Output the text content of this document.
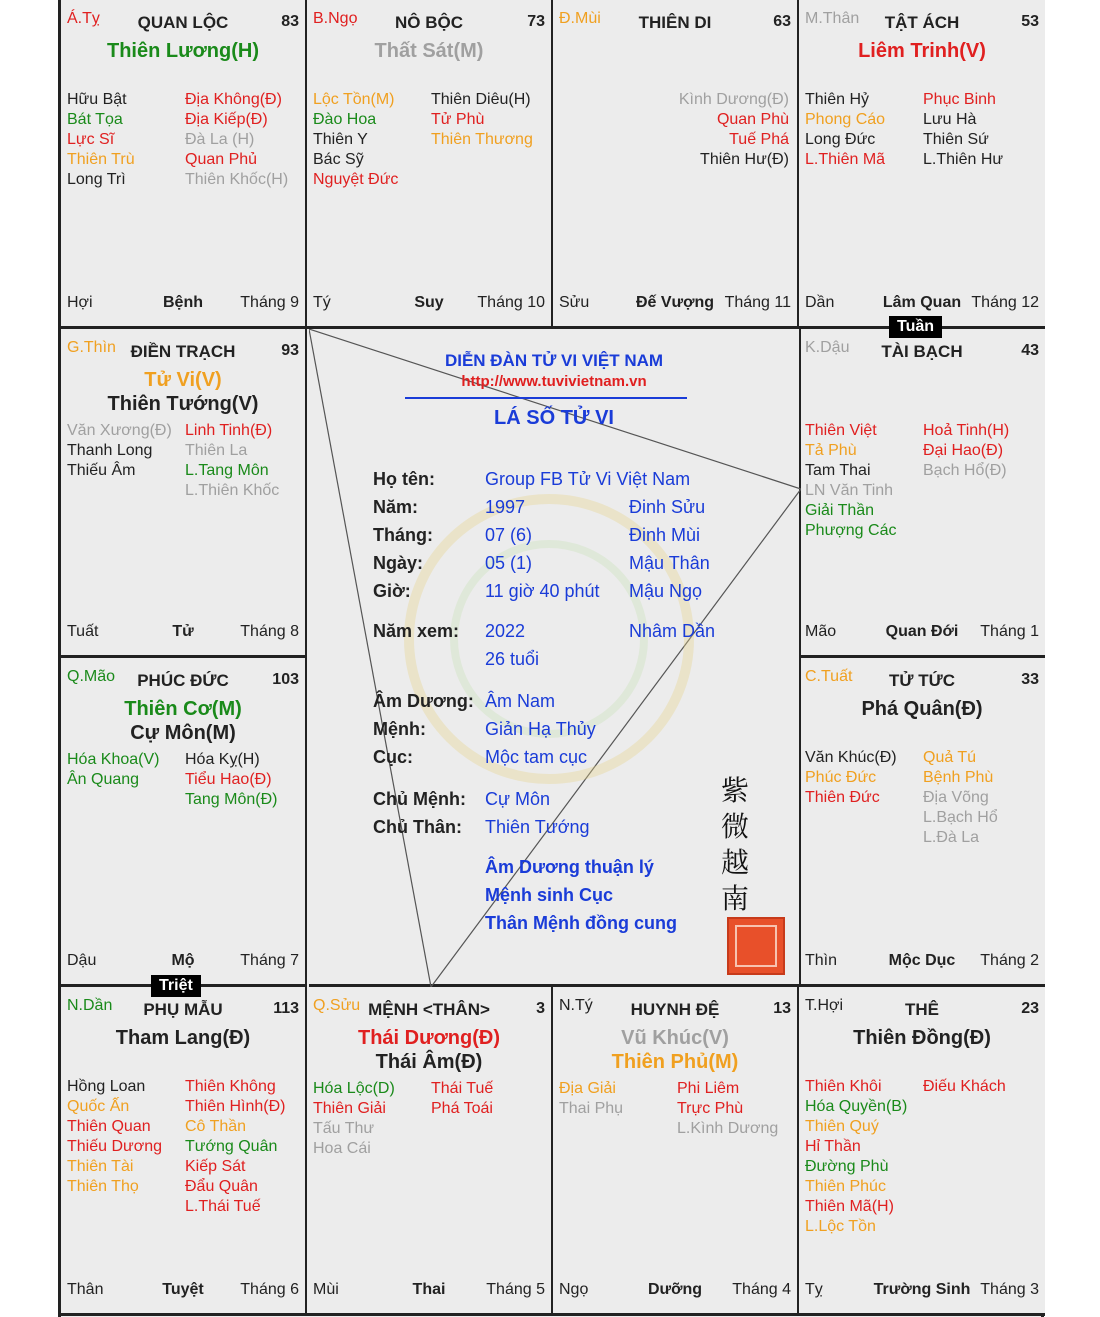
QUAN LỘC
Á.Tỵ	83
Thiên Lương(H)
Hữu Bật
Bát Tọa
Lực Sĩ
Thiên Trù
Long Trì
Địa Không(Đ)
Địa Kiếp(Đ)
Đà La (H)
Quan Phủ
Thiên Khốc(H)
Bệnh
Hợi	Tháng 9
NÔ BỘC
B.Ngọ	73
Thất Sát(M)
Lộc Tồn(M)
Đào Hoa
Thiên Y
Bác Sỹ
Nguyệt Đức
Thiên Diêu(H)
Tử Phù
Thiên Thương
Suy
Tý	Tháng 10
THIÊN DI
Đ.Mùi	63
Kình Dương(Đ)
Quan Phù
Tuế Phá
Thiên Hư(Đ)
Đế Vượng
Sửu	Tháng 11
TẬT ÁCH
M.Thân	53
Liêm Trinh(V)
Thiên Hỷ
Phong Cáo
Long Đức
L.Thiên Mã
Phục Binh
Lưu Hà
Thiên Sứ
L.Thiên Hư
Lâm Quan
Dần	Tháng 12
ĐIỀN TRẠCH
G.Thìn	93
Tử Vi(V)
Thiên Tướng(V)
Văn Xương(Đ)
Thanh Long
Thiếu Âm
Linh Tinh(Đ)
Thiên La
L.Tang Môn
L.Thiên Khốc
Tử
Tuất	Tháng 8
TÀI BẠCH
K.Dậu	43
Thiên Việt
Tả Phù
Tam Thai
LN Văn Tinh
Giải Thần
Phượng Các
Hoả Tinh(H)
Đại Hao(Đ)
Bạch Hổ(Đ)
Quan Đới
Mão	Tháng 1
PHÚC ĐỨC
Q.Mão	103
Thiên Cơ(M)
Cự Môn(M)
Hóa Khoa(V)
Ân Quang
Hóa Kỵ(H)
Tiểu Hao(Đ)
Tang Môn(Đ)
Mộ
Dậu	Tháng 7
TỬ TỨC
C.Tuất	33
Phá Quân(Đ)
Văn Khúc(Đ)
Phúc Đức
Thiên Đức
Quả Tú
Bệnh Phù
Địa Võng
L.Bạch Hổ
L.Đà La
Mộc Dục
Thìn	Tháng 2
PHỤ MẪU
N.Dần	113
Tham Lang(Đ)
Hồng Loan
Quốc Ấn
Thiên Quan
Thiếu Dương
Thiên Tài
Thiên Thọ
Thiên Không
Thiên Hình(Đ)
Cô Thần
Tướng Quân
Kiếp Sát
Đẩu Quân
L.Thái Tuế
Tuyệt
Thân	Tháng 6
MỆNH <THÂN>
Q.Sửu	3
Thái Dương(Đ)
Thái Âm(Đ)
Hóa Lộc(D)
Thiên Giải
Tấu Thư
Hoa Cái
Thái Tuế
Phá Toái
Thai
Mùi	Tháng 5
HUYNH ĐỆ
N.Tý	13
Vũ Khúc(V)
Thiên Phủ(M)
Địa Giải
Thai Phụ
Phi Liêm
Trực Phù
L.Kình Dương
Dưỡng
Ngọ	Tháng 4
THÊ
T.Hợi	23
Thiên Đồng(Đ)
Thiên Khôi
Hóa Quyền(B)
Thiên Quý
Hỉ Thần
Đường Phù
Thiên Phúc
Thiên Mã(H)
L.Lộc Tồn
Điếu Khách
Trường Sinh
Tỵ	Tháng 3
DIỄN ĐÀN TỬ VI VIỆT NAM
http://www.tuvivietnam.vn
LÁ SỐ TỬ VI
Họ tên:	Group FB Tử Vi Việt Nam
Năm:	1997	Đinh Sửu
Tháng:	07 (6)	Đinh Mùi
Ngày:	05 (1)	Mậu Thân
Giờ:	11 giờ 40 phút Mậu Ngọ
Năm xem: 2022	Nhâm Dần
26 tuổi
Âm Dương: Âm Nam
Mệnh:	Giản Hạ Thủy
Cục:	Mộc tam cục
Chủ Mệnh: Cự Môn
Chủ Thân: Thiên Tướng
Âm Dương thuận lý
Mệnh sinh Cục
Thân Mệnh đồng cung
紫
微
越
南
Tuần
Triệt
